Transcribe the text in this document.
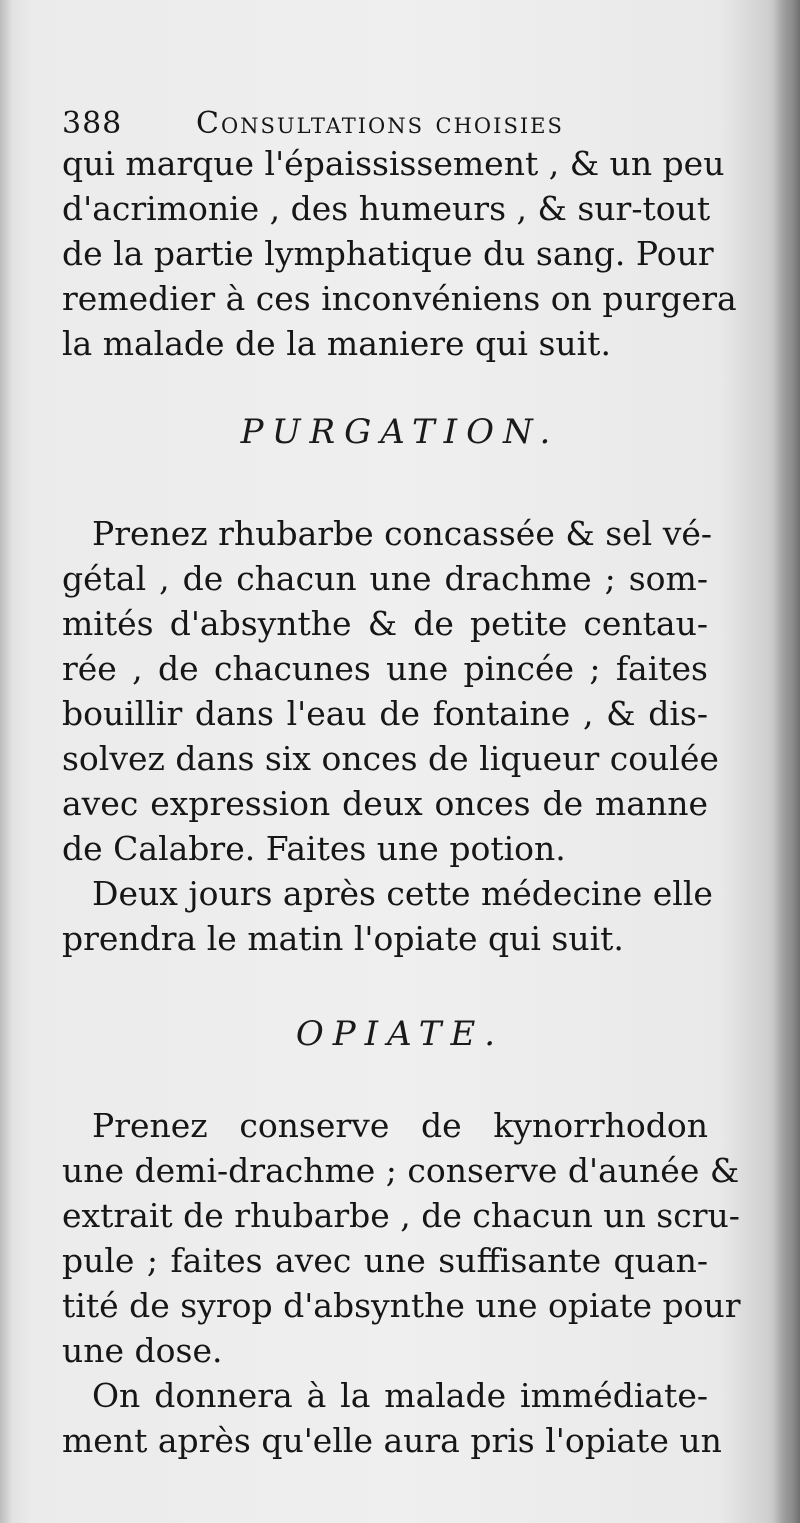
388 Consultations choisies
qui marque l'épaississement , & un peu
d'acrimonie , des humeurs , & sur-tout
de la partie lymphatique du sang. Pour
remedier à ces inconvéniens on purgera
la malade de la maniere qui suit.
PURGATION.
Prenez rhubarbe concassée & sel vé-
gétal , de chacun une drachme ; som-
mités d'absynthe & de petite centau-
rée , de chacunes une pincée ; faites
bouillir dans l'eau de fontaine , & dis-
solvez dans six onces de liqueur coulée
avec expression deux onces de manne
de Calabre. Faites une potion.
Deux jours après cette médecine elle
prendra le matin l'opiate qui suit.
OPIATE.
Prenez conserve de kynorrhodon
une demi-drachme ; conserve d'aunée &
extrait de rhubarbe , de chacun un scru-
pule ; faites avec une suffisante quan-
tité de syrop d'absynthe une opiate pour
une dose.
On donnera à la malade immédiate-
ment après qu'elle aura pris l'opiate un
